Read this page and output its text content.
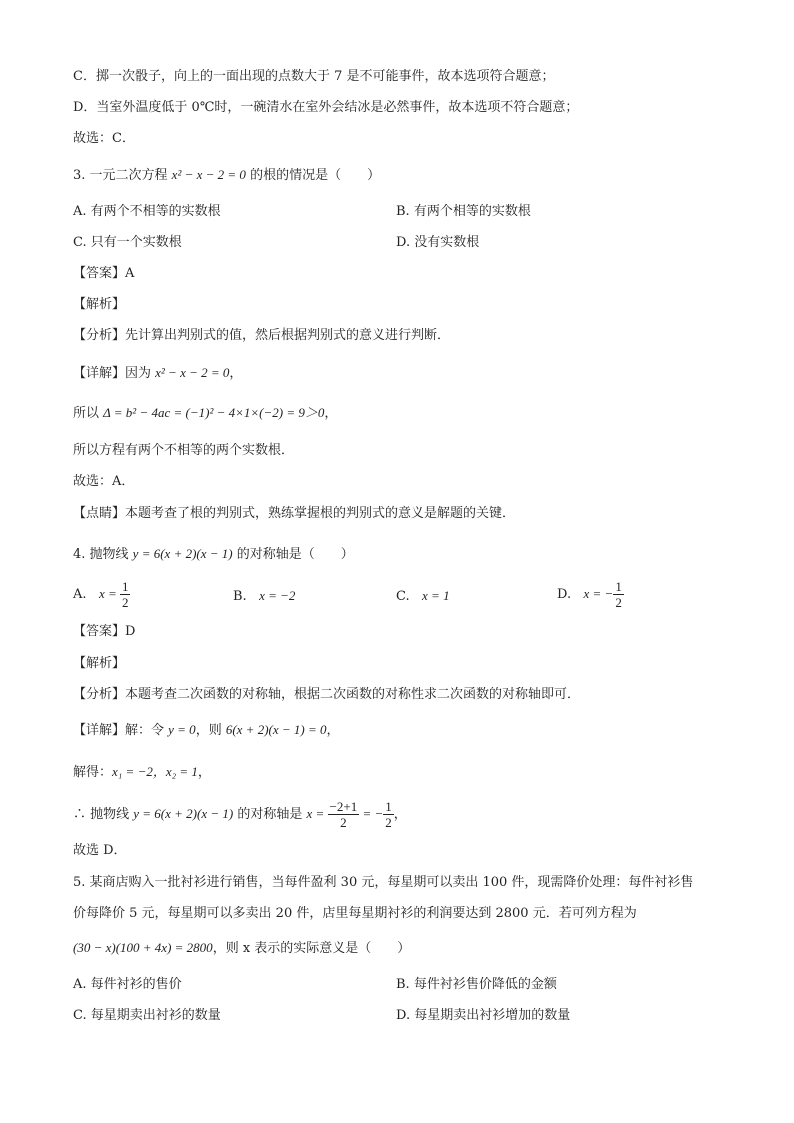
C．掷一次骰子，向上的一面出现的点数大于 7 是不可能事件，故本选项符合题意；
D．当室外温度低于 0℃时，一碗清水在室外会结冰是必然事件，故本选项不符合题意；
故选：C．
3. 一元二次方程 x² − x − 2 = 0 的根的情况是（　　）
A. 有两个不相等的实数根	B. 有两个相等的实数根
C. 只有一个实数根	D. 没有实数根
【答案】A
【解析】
【分析】先计算出判别式的值，然后根据判别式的意义进行判断．
【详解】因为 x² − x − 2 = 0，
所以 Δ = b² − 4ac = (−1)² − 4×1×(−2) = 9＞0，
所以方程有两个不相等的两个实数根．
故选：A．
【点睛】本题考查了根的判别式，熟练掌握根的判别式的意义是解题的关键．
4. 抛物线 y = 6(x + 2)(x − 1) 的对称轴是（　　）
A. $x = \frac{1}{2}$	B. x = −2	C. x = 1	D. x = − $\frac{1}{2}$
【答案】D
【解析】
【分析】本题考查二次函数的对称轴，根据二次函数的对称性求二次函数的对称轴即可．
【详解】解：令 y = 0，则 6(x + 2)(x − 1) = 0，
解得：x₁ = −2，x₂ = 1，
∴ 抛物线 y = 6(x + 2)(x − 1) 的对称轴是 $x = \frac{-2+1}{2}$ = − $\frac{1}{2}$ ，
故选 D．
5. 某商店购入一批衬衫进行销售，当每件盈利 30 元，每星期可以卖出 100 件，现需降价处理：每件衬衫售
价每降价 5 元，每星期可以多卖出 20 件，店里每星期衬衫的利润要达到 2800 元．若可列方程为
(30 − x)(100 + 4x) = 2800，则 x 表示的实际意义是（　　）
A. 每件衬衫的售价	B. 每件衬衫售价降低的金额
C. 每星期卖出衬衫的数量	D. 每星期卖出衬衫增加的数量
